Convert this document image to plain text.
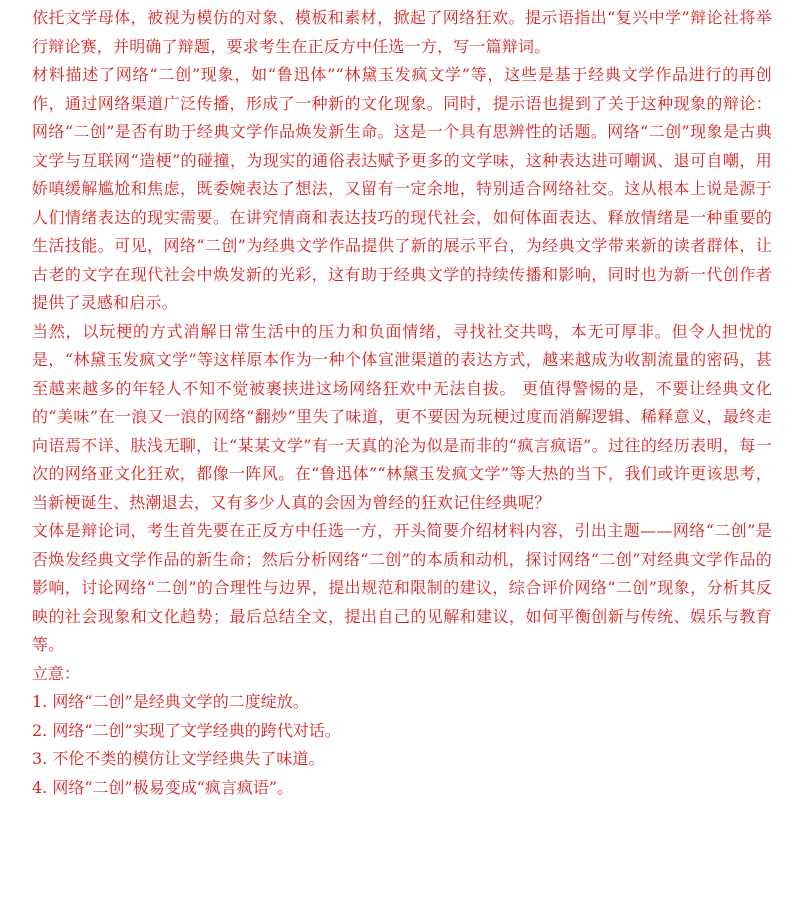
依托文学母体，被视为模仿的对象、模板和素材，掀起了网络狂欢。提示语指出“复兴中学”辩论社将举行辩论赛，并明确了辩题，要求考生在正反方中任选一方，写一篇辩词。

材料描述了网络“二创”现象，如“鲁迅体”“林黛玉发疯文学”等，这些是基于经典文学作品进行的再创作，通过网络渠道广泛传播，形成了一种新的文化现象。同时，提示语也提到了关于这种现象的辩论：网络“二创”是否有助于经典文学作品焕发新生命。这是一个具有思辨性的话题。网络“二创”现象是古典文学与互联网“造梗”的碰撞，为现实的通俗表达赋予更多的文学味，这种表达进可嘲讽、退可自嘲，用娇嗔缓解尴尬和焦虑，既委婉表达了想法，又留有一定余地，特别适合网络社交。这从根本上说是源于人们情绪表达的现实需要。在讲究情商和表达技巧的现代社会，如何体面表达、释放情绪是一种重要的生活技能。可见，网络“二创”为经典文学作品提供了新的展示平台，为经典文学带来新的读者群体，让古老的文字在现代社会中焕发新的光彩，这有助于经典文学的持续传播和影响，同时也为新一代创作者提供了灵感和启示。

当然，以玩梗的方式消解日常生活中的压力和负面情绪，寻找社交共鸣，本无可厚非。但令人担忧的是，“林黛玉发疯文学”等这样原本作为一种个体宣泄渠道的表达方式，越来越成为收割流量的密码，甚至越来越多的年轻人不知不觉被裹挟进这场网络狂欢中无法自拔。 更值得警惕的是，不要让经典文化的“美味”在一浪又一浪的网络“翻炒”里失了味道，更不要因为玩梗过度而消解逻辑、稀释意义，最终走向语焉不详、肤浅无聊，让“某某文学”有一天真的沦为似是而非的“疯言疯语”。过往的经历表明，每一次的网络亚文化狂欢，都像一阵风。在“鲁迅体”“林黛玉发疯文学”等大热的当下，我们或许更该思考，当新梗诞生、热潮退去，又有多少人真的会因为曾经的狂欢记住经典呢？

文体是辩论词，考生首先要在正反方中任选一方，开头简要介绍材料内容，引出主题——网络“二创”是否焕发经典文学作品的新生命；然后分析网络“二创”的本质和动机，探讨网络“二创”对经典文学作品的影响，讨论网络“二创”的合理性与边界，提出规范和限制的建议，综合评价网络“二创”现象，分析其反映的社会现象和文化趋势；最后总结全文，提出自己的见解和建议，如何平衡创新与传统、娱乐与教育等。

立意：

1. 网络“二创”是经典文学的二度绽放。

2. 网络“二创”实现了文学经典的跨代对话。

3. 不伦不类的模仿让文学经典失了味道。

4. 网络“二创”极易变成“疯言疯语”。
